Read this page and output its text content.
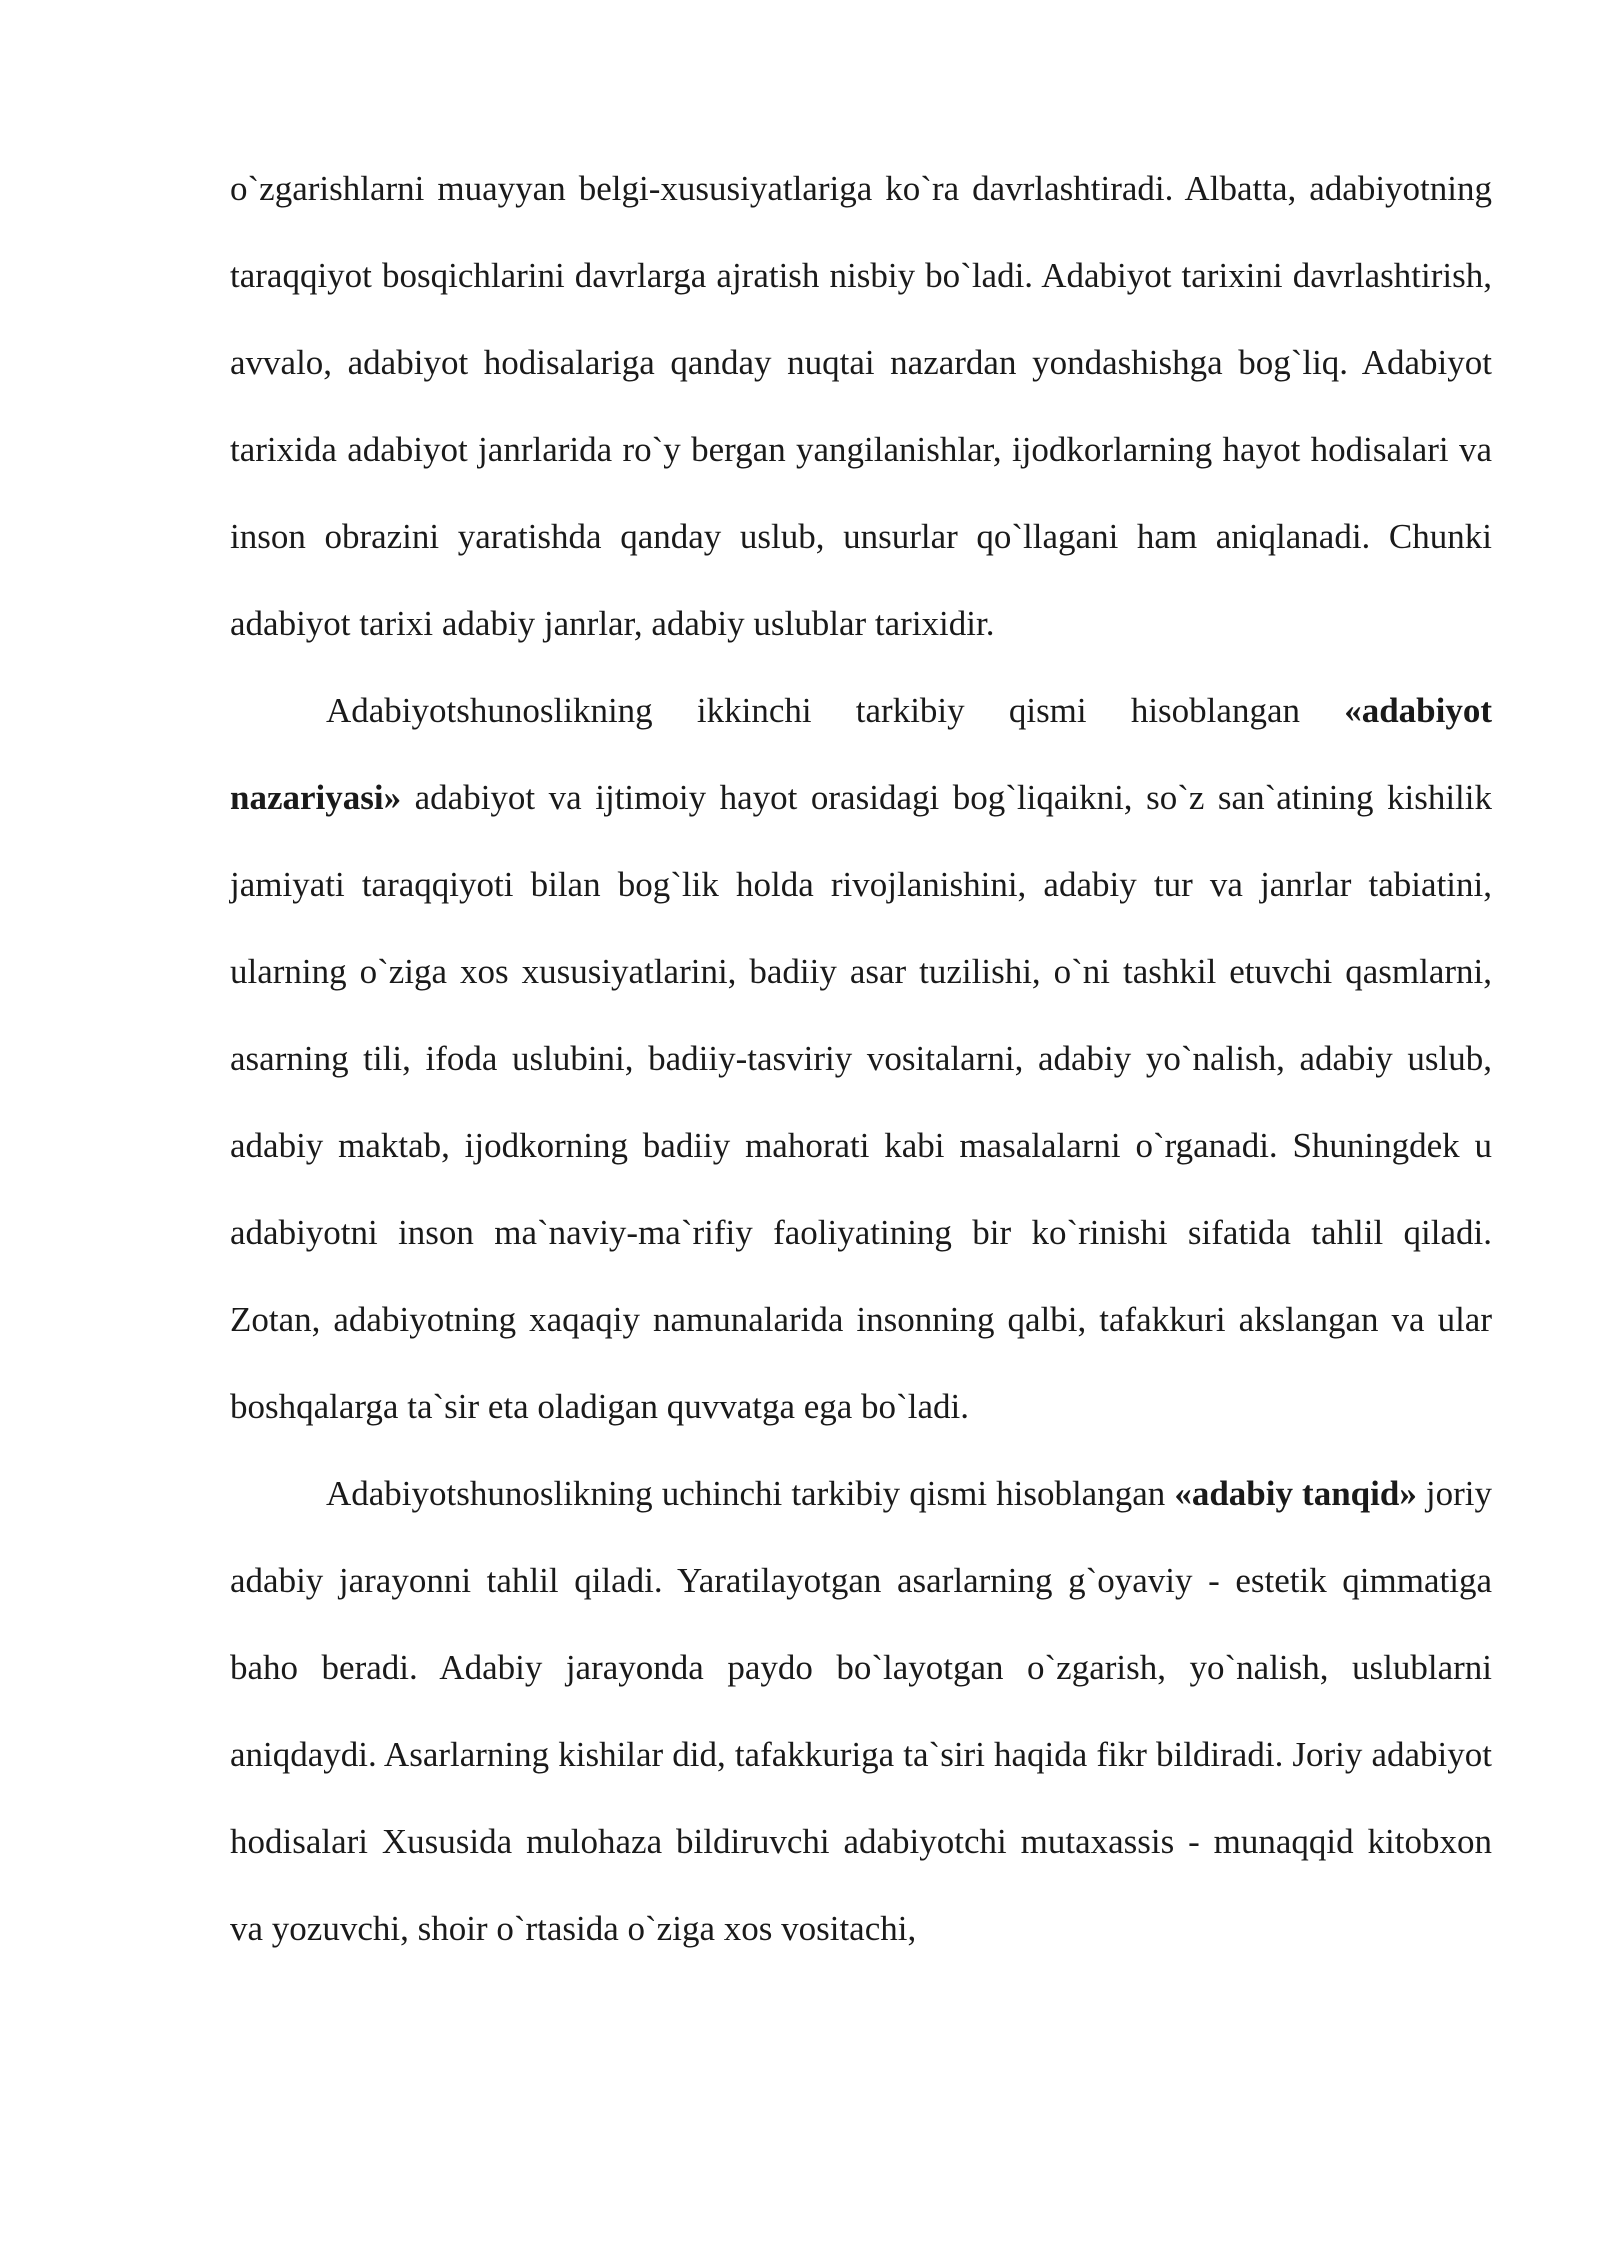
o`zgarishlarni muayyan belgi-xususiyatlariga ko`ra davrlashtiradi. Albatta, adabiyotning taraqqiyot bosqichlarini davrlarga ajratish nisbiy bo`ladi. Adabiyot tarixini davrlashtirish, avvalo, adabiyot hodisalariga qanday nuqtai nazardan yondashishga bog`liq. Adabiyot tarixida adabiyot janrlarida ro`y bergan yangilanishlar, ijodkorlarning hayot hodisalari va inson obrazini yaratishda qanday uslub, unsurlar qo`llagani ham aniqlanadi. Chunki adabiyot tarixi adabiy janrlar, adabiy uslublar tarixidir.

Adabiyotshunoslikning ikkinchi tarkibiy qismi hisoblangan «adabiyot nazariyasi» adabiyot va ijtimoiy hayot orasidagi bog`liqaikni, so`z san`atining kishilik jamiyati taraqqiyoti bilan bog`lik holda rivojlanishini, adabiy tur va janrlar tabiatini, ularning o`ziga xos xususiyatlarini, badiiy asar tuzilishi, o`ni tashkil etuvchi qasmlarni, asarning tili, ifoda uslubini, badiiy-tasviriy vositalarni, adabiy yo`nalish, adabiy uslub, adabiy maktab, ijodkorning badiiy mahorati kabi masalalarni o`rganadi. Shuningdek u adabiyotni inson ma`naviy-ma`rifiy faoliyatining bir ko`rinishi sifatida tahlil qiladi. Zotan, adabiyotning xaqaqiy namunalarida insonning qalbi, tafakkuri akslangan va ular boshqalarga ta`sir eta oladigan quvvatga ega bo`ladi.

Adabiyotshunoslikning uchinchi tarkibiy qismi hisoblangan «adabiy tanqid» joriy adabiy jarayonni tahlil qiladi. Yaratilayotgan asarlarning g`oyaviy - estetik qimmatiga baho beradi. Adabiy jarayonda paydo bo`layotgan o`zgarish, yo`nalish, uslublarni aniqdaydi. Asarlarning kishilar did, tafakkuriga ta`siri haqida fikr bildiradi. Joriy adabiyot hodisalari Xususida mulohaza bildiruvchi adabiyotchi mutaxassis - munaqqid kitobxon va yozuvchi, shoir o`rtasida o`ziga xos vositachi,
